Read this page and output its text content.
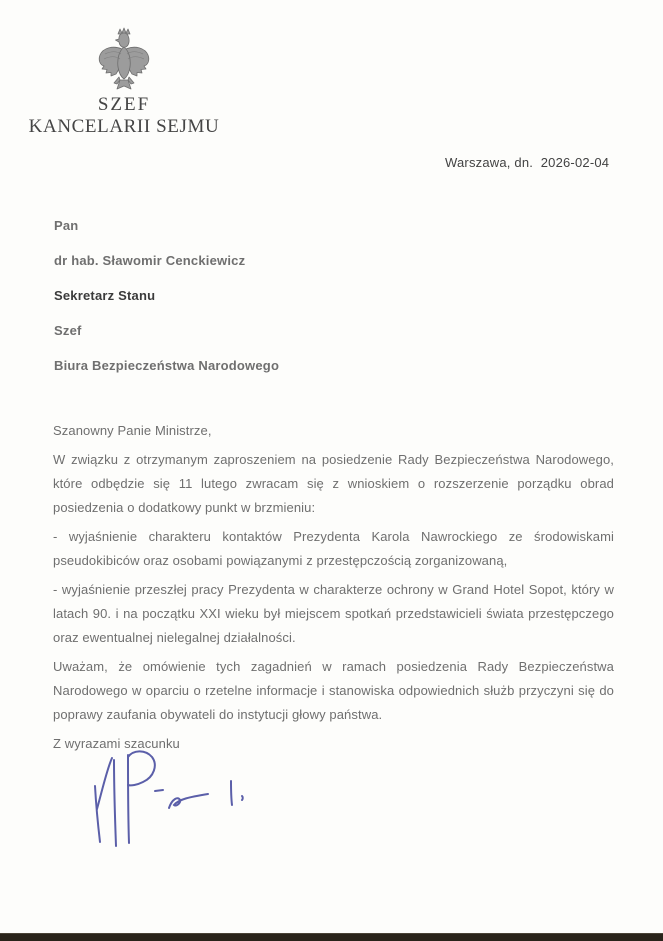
SZEF
KANCELARII SEJMU
Warszawa, dn.  2026-02-04
Pan
dr hab. Sławomir Cenckiewicz
Sekretarz Stanu
Szef
Biura Bezpieczeństwa Narodowego
Szanowny Panie Ministrze,

W związku z otrzymanym zaproszeniem na posiedzenie Rady Bezpieczeństwa Narodowego, które odbędzie się 11 lutego zwracam się z wnioskiem o rozszerzenie porządku obrad posiedzenia o dodatkowy punkt w brzmieniu:

- wyjaśnienie charakteru kontaktów Prezydenta Karola Nawrockiego ze środowiskami pseudokibiców oraz osobami powiązanymi z przestępczością zorganizowaną,

- wyjaśnienie przeszłej pracy Prezydenta w charakterze ochrony w Grand Hotel Sopot, który w latach 90. i na początku XXI wieku był miejscem spotkań przedstawicieli świata przestępczego oraz ewentualnej nielegalnej działalności.

Uważam, że omówienie tych zagadnień w ramach posiedzenia Rady Bezpieczeństwa Narodowego w oparciu o rzetelne informacje i stanowiska odpowiednich służb przyczyni się do poprawy zaufania obywateli do instytucji głowy państwa.

Z wyrazami szacunku
